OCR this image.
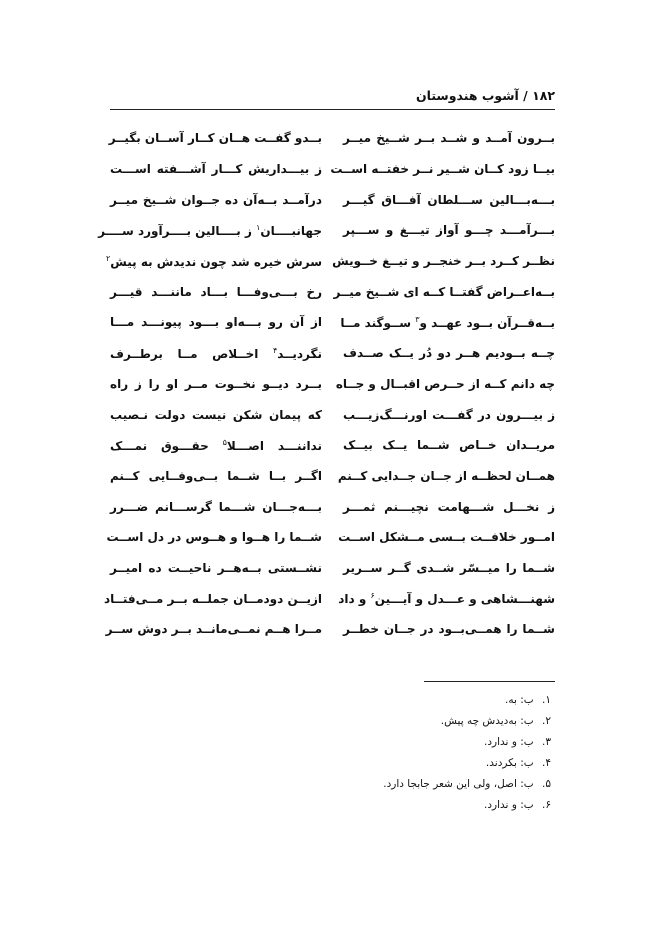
۱۸۲ / آشوب هندوستان
بــرون آمــد و شــد بــر شــیخ میــر
بــدو گفــت هــان کــار آســان بگیــر
بیــا زود کــان شــیر نــر خفتــه اســت
ز بیـــداریش کـــار آشـــفته اســـت
بـــه‌بـــالین ســـلطان آفـــاق گیـــر
درآمــد بــه‌آن ده جــوان شــیخ میــر
بـــرآمـــد چـــو آواز تیـــغ و ســـپر
جهانبــــان$^۱$ ز بــــالین بــــرآورد ســــر
نظــر کــرد بــر خنجــر و تیــغ خــویش
سرش خیره شد چون ندیدش به پیش$^۲$
بــه‌اعــراض گفتــا کــه ای شــیخ میــر
رخ بـــی‌وفـــا بـــاد ماننـــد قیـــر
بــه‌قــرآن بــود عهــد و$^۳$ ســوگند مــا
از آن رو بـــه‌او بـــود پیونـــد مـــا
چــه بــودیم هــر دو دُر یــک صــدف
نگردیــد$^۴$ اخــلاص مــا برطــرف
چه دانم کــه از حــرص اقبــال و جــاه
بــرد دیــو نخــوت مــر او را ز راه
ز بیـــرون در گفـــت اورنـــگ‌زیـــب
که پیمان شکن نیست دولت نـصیب
مریــدان خــاص شــما یــک بیــک
نداننـــد اصـــلا$^۵$ حقـــوق نمـــک
همــان لحظــه از جــان جــدایی کــنم
اگــر بــا شــما بــی‌وفــایی کــنم
ز نخـــل شـــهامت نچیـــنم ثمـــر
بـــه‌جـــان شـــما گرســـانم ضـــرر
امــور خلافــت بــسی مــشکل اســت
شــما را هــوا و هــوس در دل اســت
شــما را میــسّر شــدی گــر ســریر
نشــستی بــه‌هــر ناحیــت ده امیــر
شهنـــشاهی و عـــدل و آیـــین$^۶$ و داد
ازیــن دودمــان جملــه بــر مــی‌فتــاد
شــما را همــی‌بــود در جــان خطــر
مــرا هــم نمــی‌مانــد بــر دوش ســر
۱. ب: به.
۲. ب: به‌دیدش چه پیش.
۳. ب: و ندارد.
۴. ب: بکردند.
۵. ب: اصل، ولی این شعر جابجا دارد.
۶. ب: و ندارد.
